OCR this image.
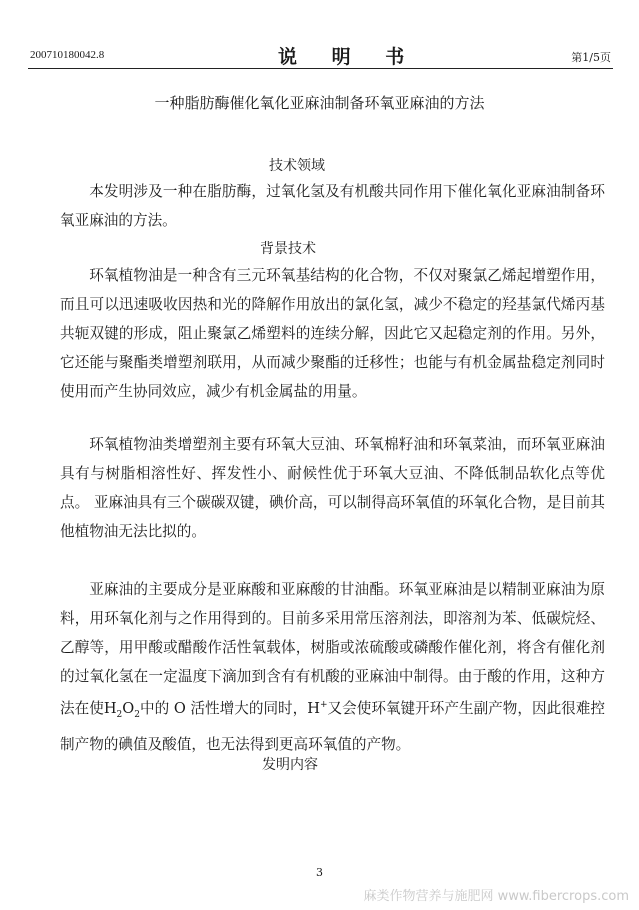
200710180042.8	说 明 书	第1/5页
一种脂肪酶催化氧化亚麻油制备环氧亚麻油的方法
技术领域

本发明涉及一种在脂肪酶，过氧化氢及有机酸共同作用下催化氧化亚麻油制备环氧亚麻油的方法。

背景技术

环氧植物油是一种含有三元环氧基结构的化合物，不仅对聚氯乙烯起增塑作用，而且可以迅速吸收因热和光的降解作用放出的氯化氢，减少不稳定的羟基氯代烯丙基共轭双键的形成，阻止聚氯乙烯塑料的连续分解，因此它又起稳定剂的作用。另外，它还能与聚酯类增塑剂联用，从而减少聚酯的迁移性；也能与有机金属盐稳定剂同时使用而产生协同效应，减少有机金属盐的用量。

环氧植物油类增塑剂主要有环氧大豆油、环氧棉籽油和环氧菜油，而环氧亚麻油具有与树脂相溶性好、挥发性小、耐候性优于环氧大豆油、不降低制品软化点等优点。 亚麻油具有三个碳碳双键，碘价高，可以制得高环氧值的环氧化合物，是目前其他植物油无法比拟的。

亚麻油的主要成分是亚麻酸和亚麻酸的甘油酯。环氧亚麻油是以精制亚麻油为原料，用环氧化剂与之作用得到的。目前多采用常压溶剂法，即溶剂为苯、低碳烷烃、乙醇等，用甲酸或醋酸作活性氧载体，树脂或浓硫酸或磷酸作催化剂，将含有催化剂的过氧化氢在一定温度下滴加到含有有机酸的亚麻油中制得。由于酸的作用，这种方法在使$H_2O_2$中的 O 活性增大的同时，H+又会使环氧键开环产生副产物，因此很难控制产物的碘值及酸值，也无法得到更高环氧值的产物。

发明内容
3
麻类作物营养与施肥网 www.fibercrops.com
